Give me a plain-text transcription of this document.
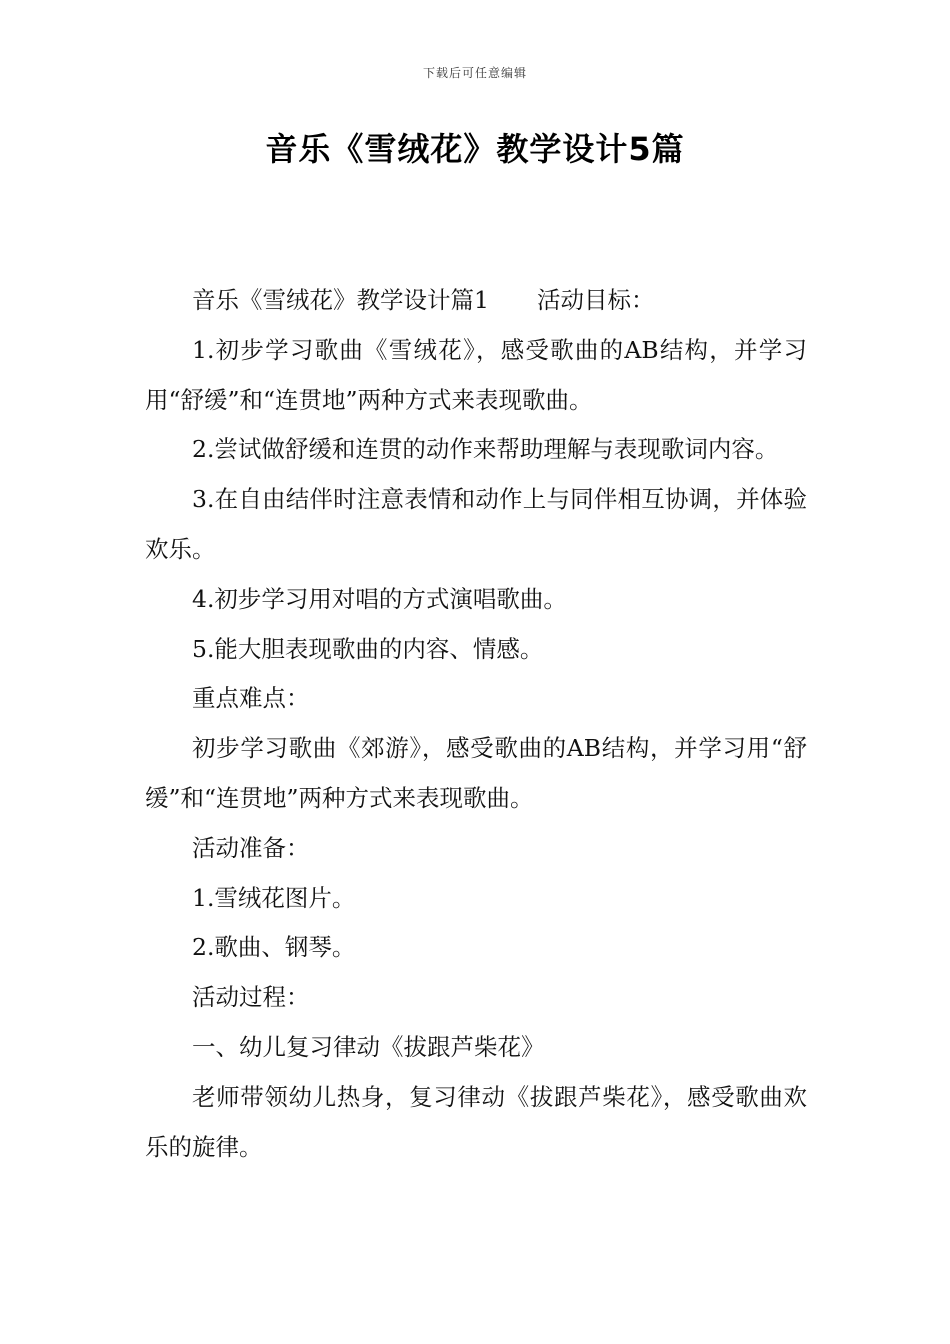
下载后可任意编辑
音乐《雪绒花》教学设计5篇

音乐《雪绒花》教学设计篇1 活动目标：

1.初步学习歌曲《雪绒花》，感受歌曲的AB结构，并学习用“舒缓”和“连贯地”两种方式来表现歌曲。

2.尝试做舒缓和连贯的动作来帮助理解与表现歌词内容。

3.在自由结伴时注意表情和动作上与同伴相互协调，并体验欢乐。

4.初步学习用对唱的方式演唱歌曲。

5.能大胆表现歌曲的内容、情感。

重点难点：

初步学习歌曲《郊游》，感受歌曲的AB结构，并学习用“舒缓”和“连贯地”两种方式来表现歌曲。

活动准备：

1.雪绒花图片。

2.歌曲、钢琴。

活动过程：

一、幼儿复习律动《拔跟芦柴花》

老师带领幼儿热身，复习律动《拔跟芦柴花》，感受歌曲欢乐的旋律。
